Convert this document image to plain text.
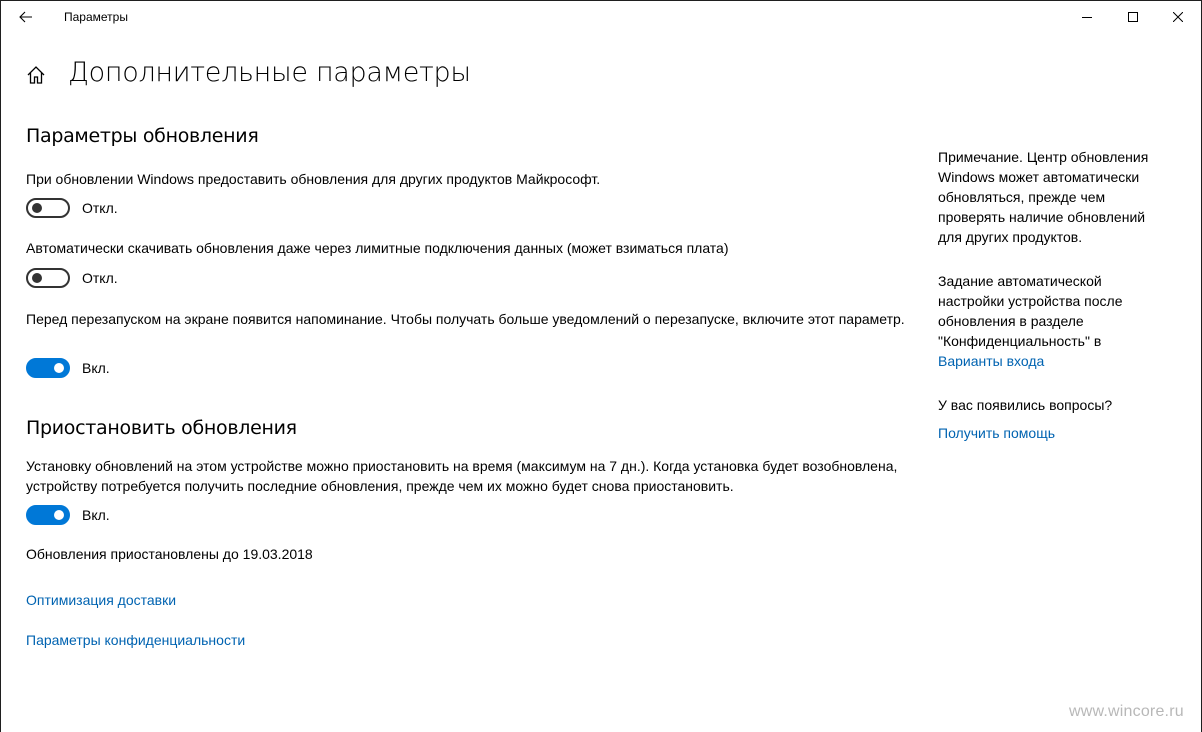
Параметры
Дополнительные параметры
Параметры обновления
При обновлении Windows предоставить обновления для других продуктов Майкрософт.
Откл.
Автоматически скачивать обновления даже через лимитные подключения данных (может взиматься плата)
Откл.
Перед перезапуском на экране появится напоминание. Чтобы получать больше уведомлений о перезапуске, включите этот параметр.
Вкл.
Приостановить обновления
Установку обновлений на этом устройстве можно приостановить на время (максимум на 7 дн.). Когда установка будет возобновлена, устройству потребуется получить последние обновления, прежде чем их можно будет снова приостановить.
Вкл.
Обновления приостановлены до 19.03.2018
Оптимизация доставки
Параметры конфиденциальности
Примечание. Центр обновления Windows может автоматически обновляться, прежде чем проверять наличие обновлений для других продуктов.
Задание автоматической настройки устройства после обновления в разделе "Конфиденциальность" в
Варианты входа
У вас появились вопросы?
Получить помощь
www.wincore.ru
